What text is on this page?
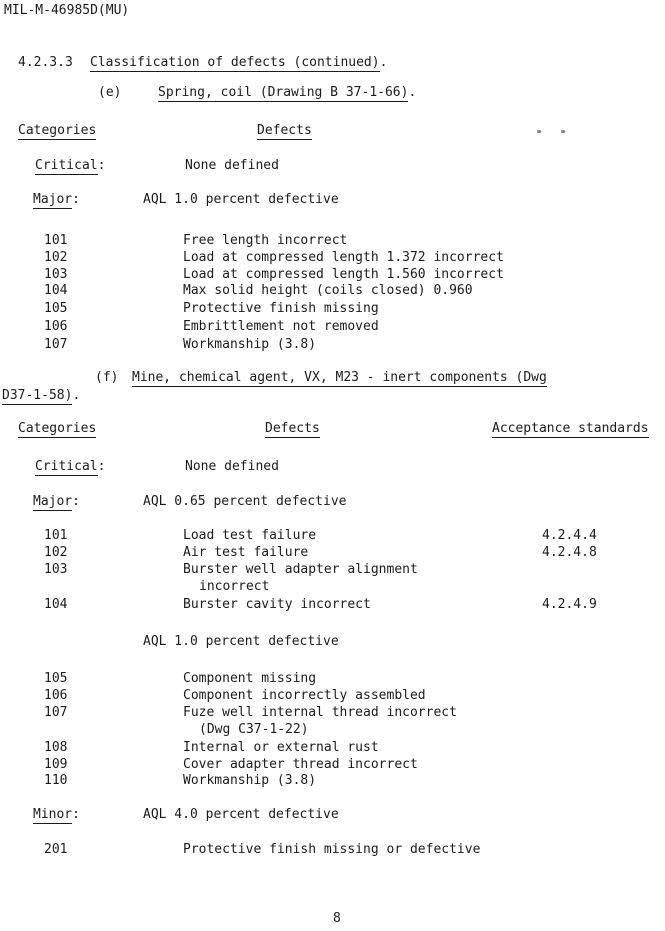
MIL-M-46985D(MU)
4.2.3.3 Classification of defects (continued).
(e)	Spring, coil (Drawing B 37-1-66).
Categories	Defects
Critical:	None defined
Major:	AQL 1.0 percent defective
101	Free length incorrect
102	Load at compressed length 1.372 incorrect
103	Load at compressed length 1.560 incorrect
104	Max solid height (coils closed) 0.960
105	Protective finish missing
106	Embrittlement not removed
107	Workmanship (3.8)
(f) Mine, chemical agent, VX, M23 - inert components (Dwg
D37-1-58).
Categories	Defects	Acceptance standards
Critical:	None defined
Major:	AQL 0.65 percent defective
101	Load test failure	4.2.4.4
102	Air test failure	4.2.4.8
103	Burster well adapter alignment
incorrect
104	Burster cavity incorrect	4.2.4.9
AQL 1.0 percent defective
105	Component missing
106	Component incorrectly assembled
107	Fuze well internal thread incorrect
(Dwg C37-1-22)
108	Internal or external rust
109	Cover adapter thread incorrect
110	Workmanship (3.8)
Minor:	AQL 4.0 percent defective
201	Protective finish missing or defective
8
